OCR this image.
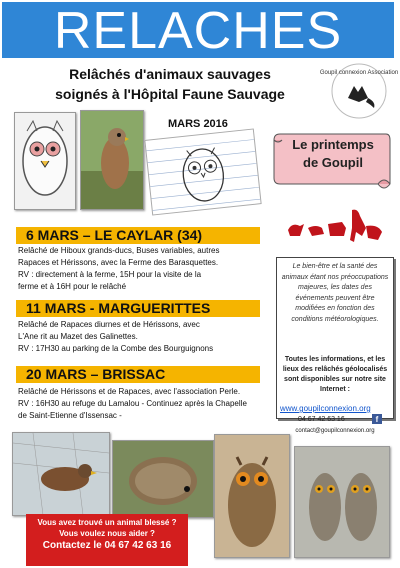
RELACHES
Relâchés d'animaux sauvages
soignés à l'Hôpital Faune Sauvage
Goupil connexion Association
MARS 2016
Le printemps
de Goupil
6 MARS – LE CAYLAR (34)
Relâché de Hiboux grands-ducs, Buses variables, autres
Rapaces et Hérissons, avec la Ferme des Barasquettes.
RV : directement à la ferme, 15H pour la visite de la
ferme et à 16H pour le relâché
11 MARS - MARGUERITTES
Relâché de Rapaces diurnes et de Hérissons, avec
L'Ane rit au Mazet des Galinettes.
RV : 17H30 au parking de la Combe des Bourguignons
20 MARS – BRISSAC
Relâché de Hérissons et de Rapaces, avec l'association Perle.
RV : 16H30 au refuge du Lamalou - Continuez après la Chapelle
de Saint-Etienne d'Issensac -
Le bien-être et la santé des animaux étant nos préoccupations majeures, les dates des événements peuvent être modifiées en fonction des conditions météorologiques.
Toutes les informations, et les lieux des relâchés géolocalisés sont disponibles sur notre site Internet :
www.goupilconnexion.org
04 67 42 63 16	f
contact@goupilconnexion.org
Vous avez trouvé un animal blessé ?
Vous voulez nous aider ?
Contactez le 04 67 42 63 16
